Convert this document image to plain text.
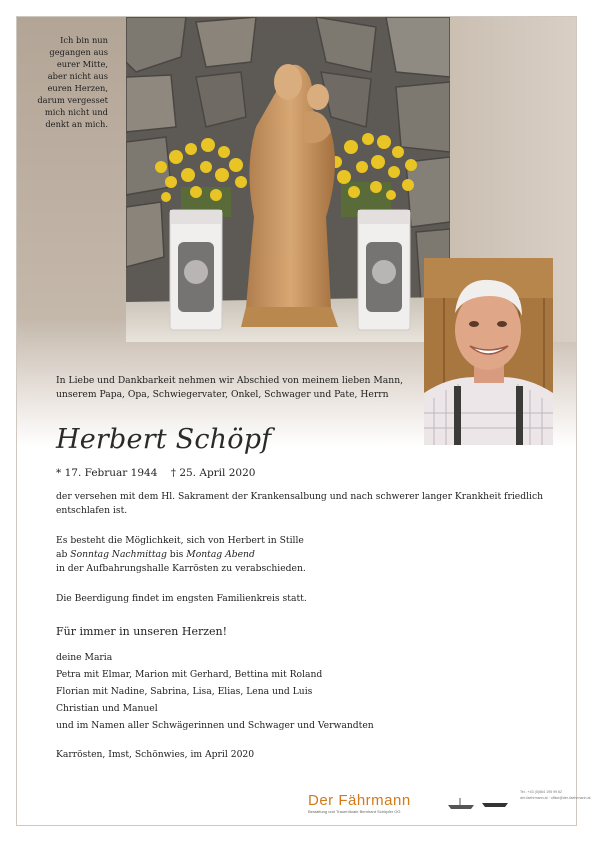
Ich bin nun
gegangen aus
eurer Mitte,
aber nicht aus
euren Herzen,
darum vergesset
mich nicht und
denkt an mich.
In Liebe und Dankbarkeit nehmen wir Abschied von meinem lieben Mann, unserem Papa, Opa, Schwiegervater, Onkel, Schwager und Pate, Herrn
Herbert Schöpf
* 17. Februar 1944 † 25. April 2020
der versehen mit dem Hl. Sakrament der Krankensalbung und nach schwerer langer Krankheit friedlich entschlafen ist.
Es besteht die Möglichkeit, sich von Herbert in Stille
ab Sonntag Nachmittag bis Montag Abend
in der Aufbahrungshalle Karrösten zu verabschieden.
Die Beerdigung findet im engsten Familienkreis statt.
Für immer in unseren Herzen!
deine Maria
Petra mit Elmar, Marion mit Gerhard, Bettina mit Roland
Florian mit Nadine, Sabrina, Lisa, Elias, Lena und Luis
Christian und Manuel
und im Namen aller Schwägerinnen und Schwager und Verwandten
Karrösten, Imst, Schönwies, im April 2020
Der Fährmann
Bestattung und Trauerrituale Bernhard Schöpfer OG
Tel.: +43 (0)664 195 99 62
der-faehrmann.at · office@der-faehrmann.at
